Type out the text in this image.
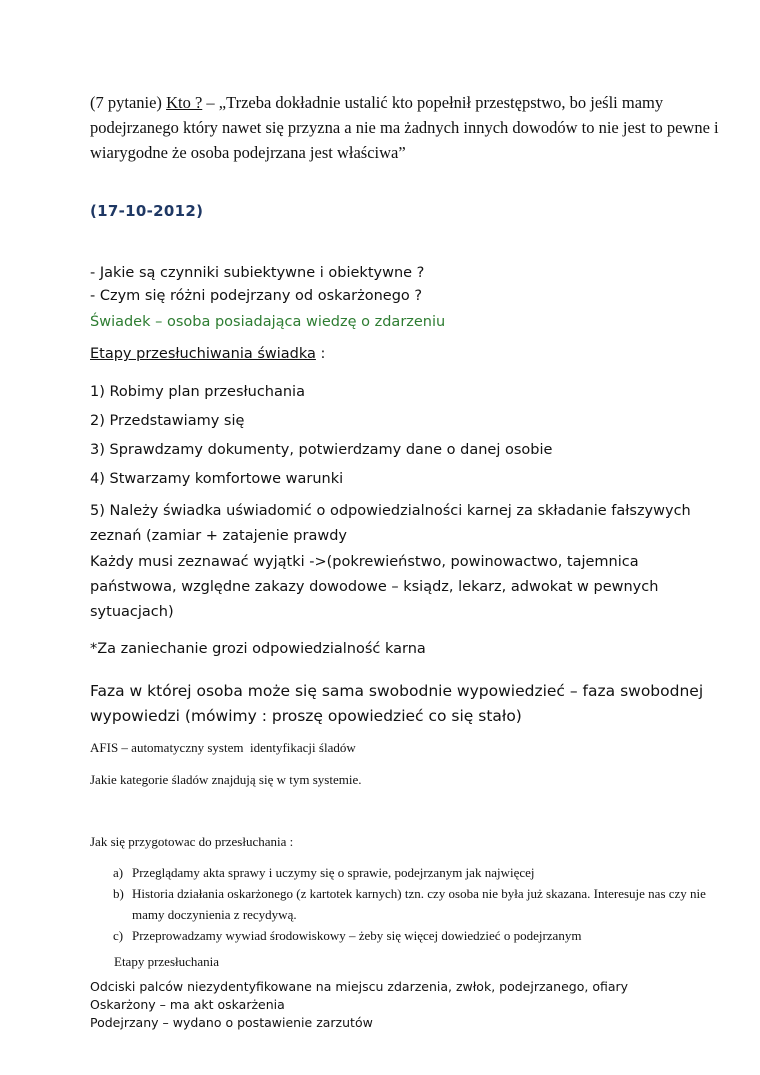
(7 pytanie) Kto ? – „Trzeba dokładnie ustalić kto popełnił przestępstwo, bo jeśli mamy podejrzanego który nawet się przyzna a nie ma żadnych innych dowodów to nie jest to pewne i wiarygodne że osoba podejrzana jest właściwa”

(17-10-2012)
- Jakie są czynniki subiektywne i obiektywne ?
- Czym się różni podejrzany od oskarżonego ?
Świadek – osoba posiadająca wiedzę o zdarzeniu
Etapy przesłuchiwania świadka :
1) Robimy plan przesłuchania
2) Przedstawiamy się
3) Sprawdzamy dokumenty, potwierdzamy dane o danej osobie
4) Stwarzamy komfortowe warunki
5) Należy świadka uświadomić o odpowiedzialności karnej za składanie fałszywych zeznań (zamiar + zatajenie prawdy
Każdy musi zeznawać wyjątki ->(pokrewieństwo, powinowactwo, tajemnica państwowa, względne zakazy dowodowe – ksiądz, lekarz, adwokat w pewnych sytuacjach)
*Za zaniechanie grozi odpowiedzialność karna
Faza w której osoba może się sama swobodnie wypowiedzieć – faza swobodnej wypowiedzi (mówimy : proszę opowiedzieć co się stało)
AFIS – automatyczny system  identyfikacji śladów
Jakie kategorie śladów znajdują się w tym systemie.
Jak się przygotowac do przesłuchania :
a) Przeglądamy akta sprawy i uczymy się o sprawie, podejrzanym jak najwięcej
b) Historia działania oskarżonego (z kartotek karnych) tzn. czy osoba nie była już skazana. Interesuje nas czy nie mamy doczynienia z recydywą.
c) Przeprowadzamy wywiad środowiskowy – żeby się więcej dowiedzieć o podejrzanym
Etapy przesłuchania
Odciski palców niezydentyfikowane na miejscu zdarzenia, zwłok, podejrzanego, ofiary
Oskarżony – ma akt oskarżenia
Podejrzany – wydano o postawienie zarzutów
